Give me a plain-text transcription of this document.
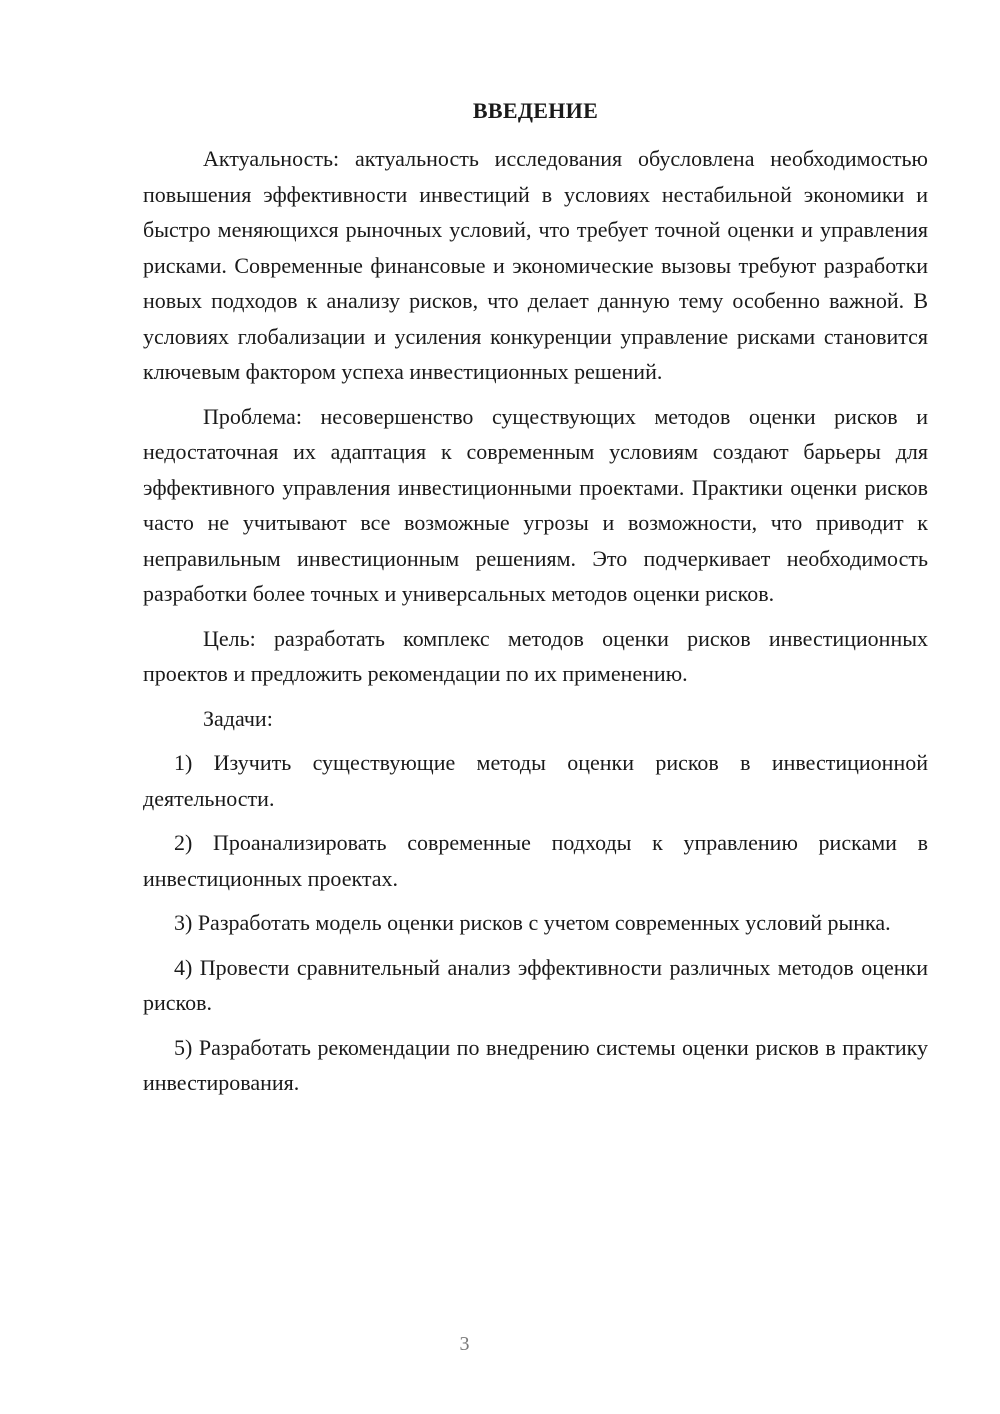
ВВЕДЕНИЕ

Актуальность: актуальность исследования обусловлена необходимостью повышения эффективности инвестиций в условиях нестабильной экономики и быстро меняющихся рыночных условий, что требует точной оценки и управления рисками. Современные финансовые и экономические вызовы требуют разработки новых подходов к анализу рисков, что делает данную тему особенно важной. В условиях глобализации и усиления конкуренции управление рисками становится ключевым фактором успеха инвестиционных решений.

Проблема: несовершенство существующих методов оценки рисков и недостаточная их адаптация к современным условиям создают барьеры для эффективного управления инвестиционными проектами. Практики оценки рисков часто не учитывают все возможные угрозы и возможности, что приводит к неправильным инвестиционным решениям. Это подчеркивает необходимость разработки более точных и универсальных методов оценки рисков.

Цель: разработать комплекс методов оценки рисков инвестиционных проектов и предложить рекомендации по их применению.

Задачи:

1) Изучить существующие методы оценки рисков в инвестиционной деятельности.

2) Проанализировать современные подходы к управлению рисками в инвестиционных проектах.

3) Разработать модель оценки рисков с учетом современных условий рынка.

4) Провести сравнительный анализ эффективности различных методов оценки рисков.

5) Разработать рекомендации по внедрению системы оценки рисков в практику инвестирования.

3
